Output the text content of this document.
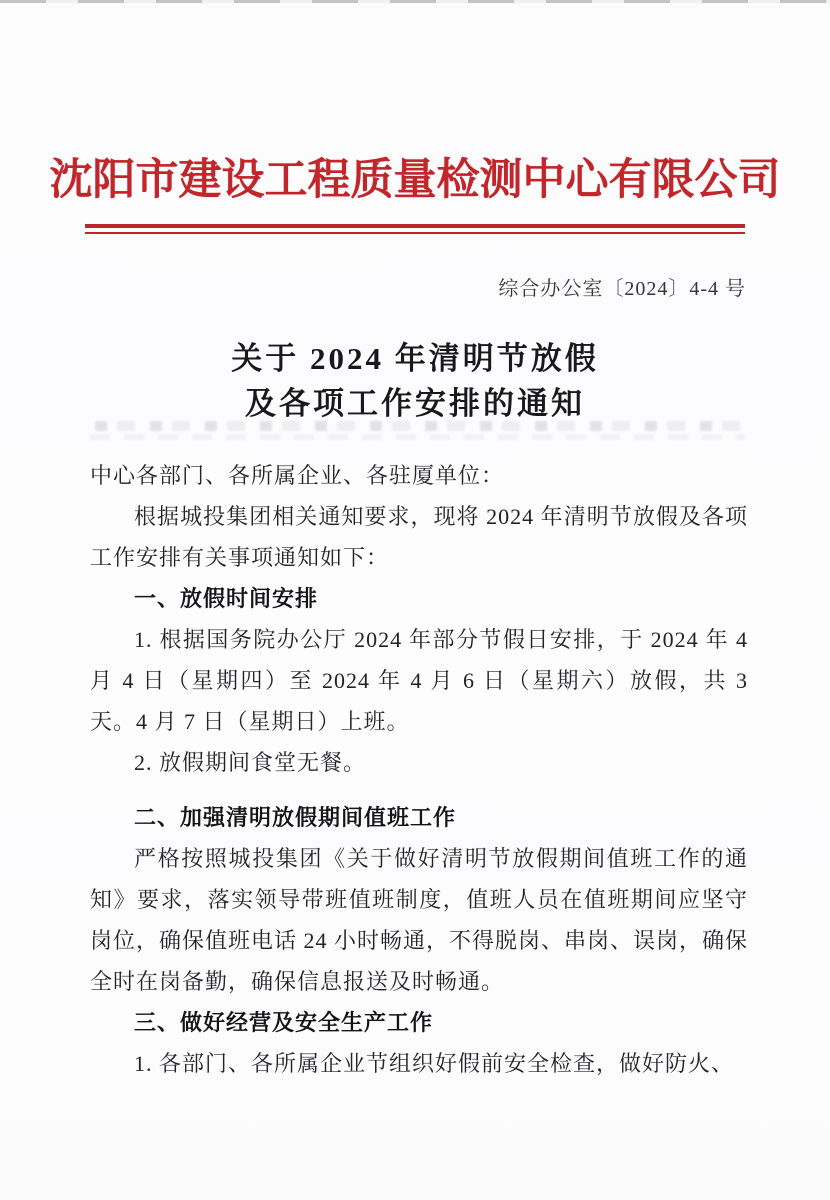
沈阳市建设工程质量检测中心有限公司
综合办公室〔2024〕4-4 号
关于 2024 年清明节放假
及各项工作安排的通知

中心各部门、各所属企业、各驻厦单位：

根据城投集团相关通知要求，现将 2024 年清明节放假及各项工作安排有关事项通知如下：

一、放假时间安排

1. 根据国务院办公厅 2024 年部分节假日安排，于 2024 年 4 月 4 日（星期四）至 2024 年 4 月 6 日（星期六）放假，共 3 天。4 月 7 日（星期日）上班。

2. 放假期间食堂无餐。

二、加强清明放假期间值班工作

严格按照城投集团《关于做好清明节放假期间值班工作的通知》要求，落实领导带班值班制度，值班人员在值班期间应坚守岗位，确保值班电话 24 小时畅通，不得脱岗、串岗、误岗，确保全时在岗备勤，确保信息报送及时畅通。

三、做好经营及安全生产工作

1. 各部门、各所属企业节组织好假前安全检查，做好防火、
